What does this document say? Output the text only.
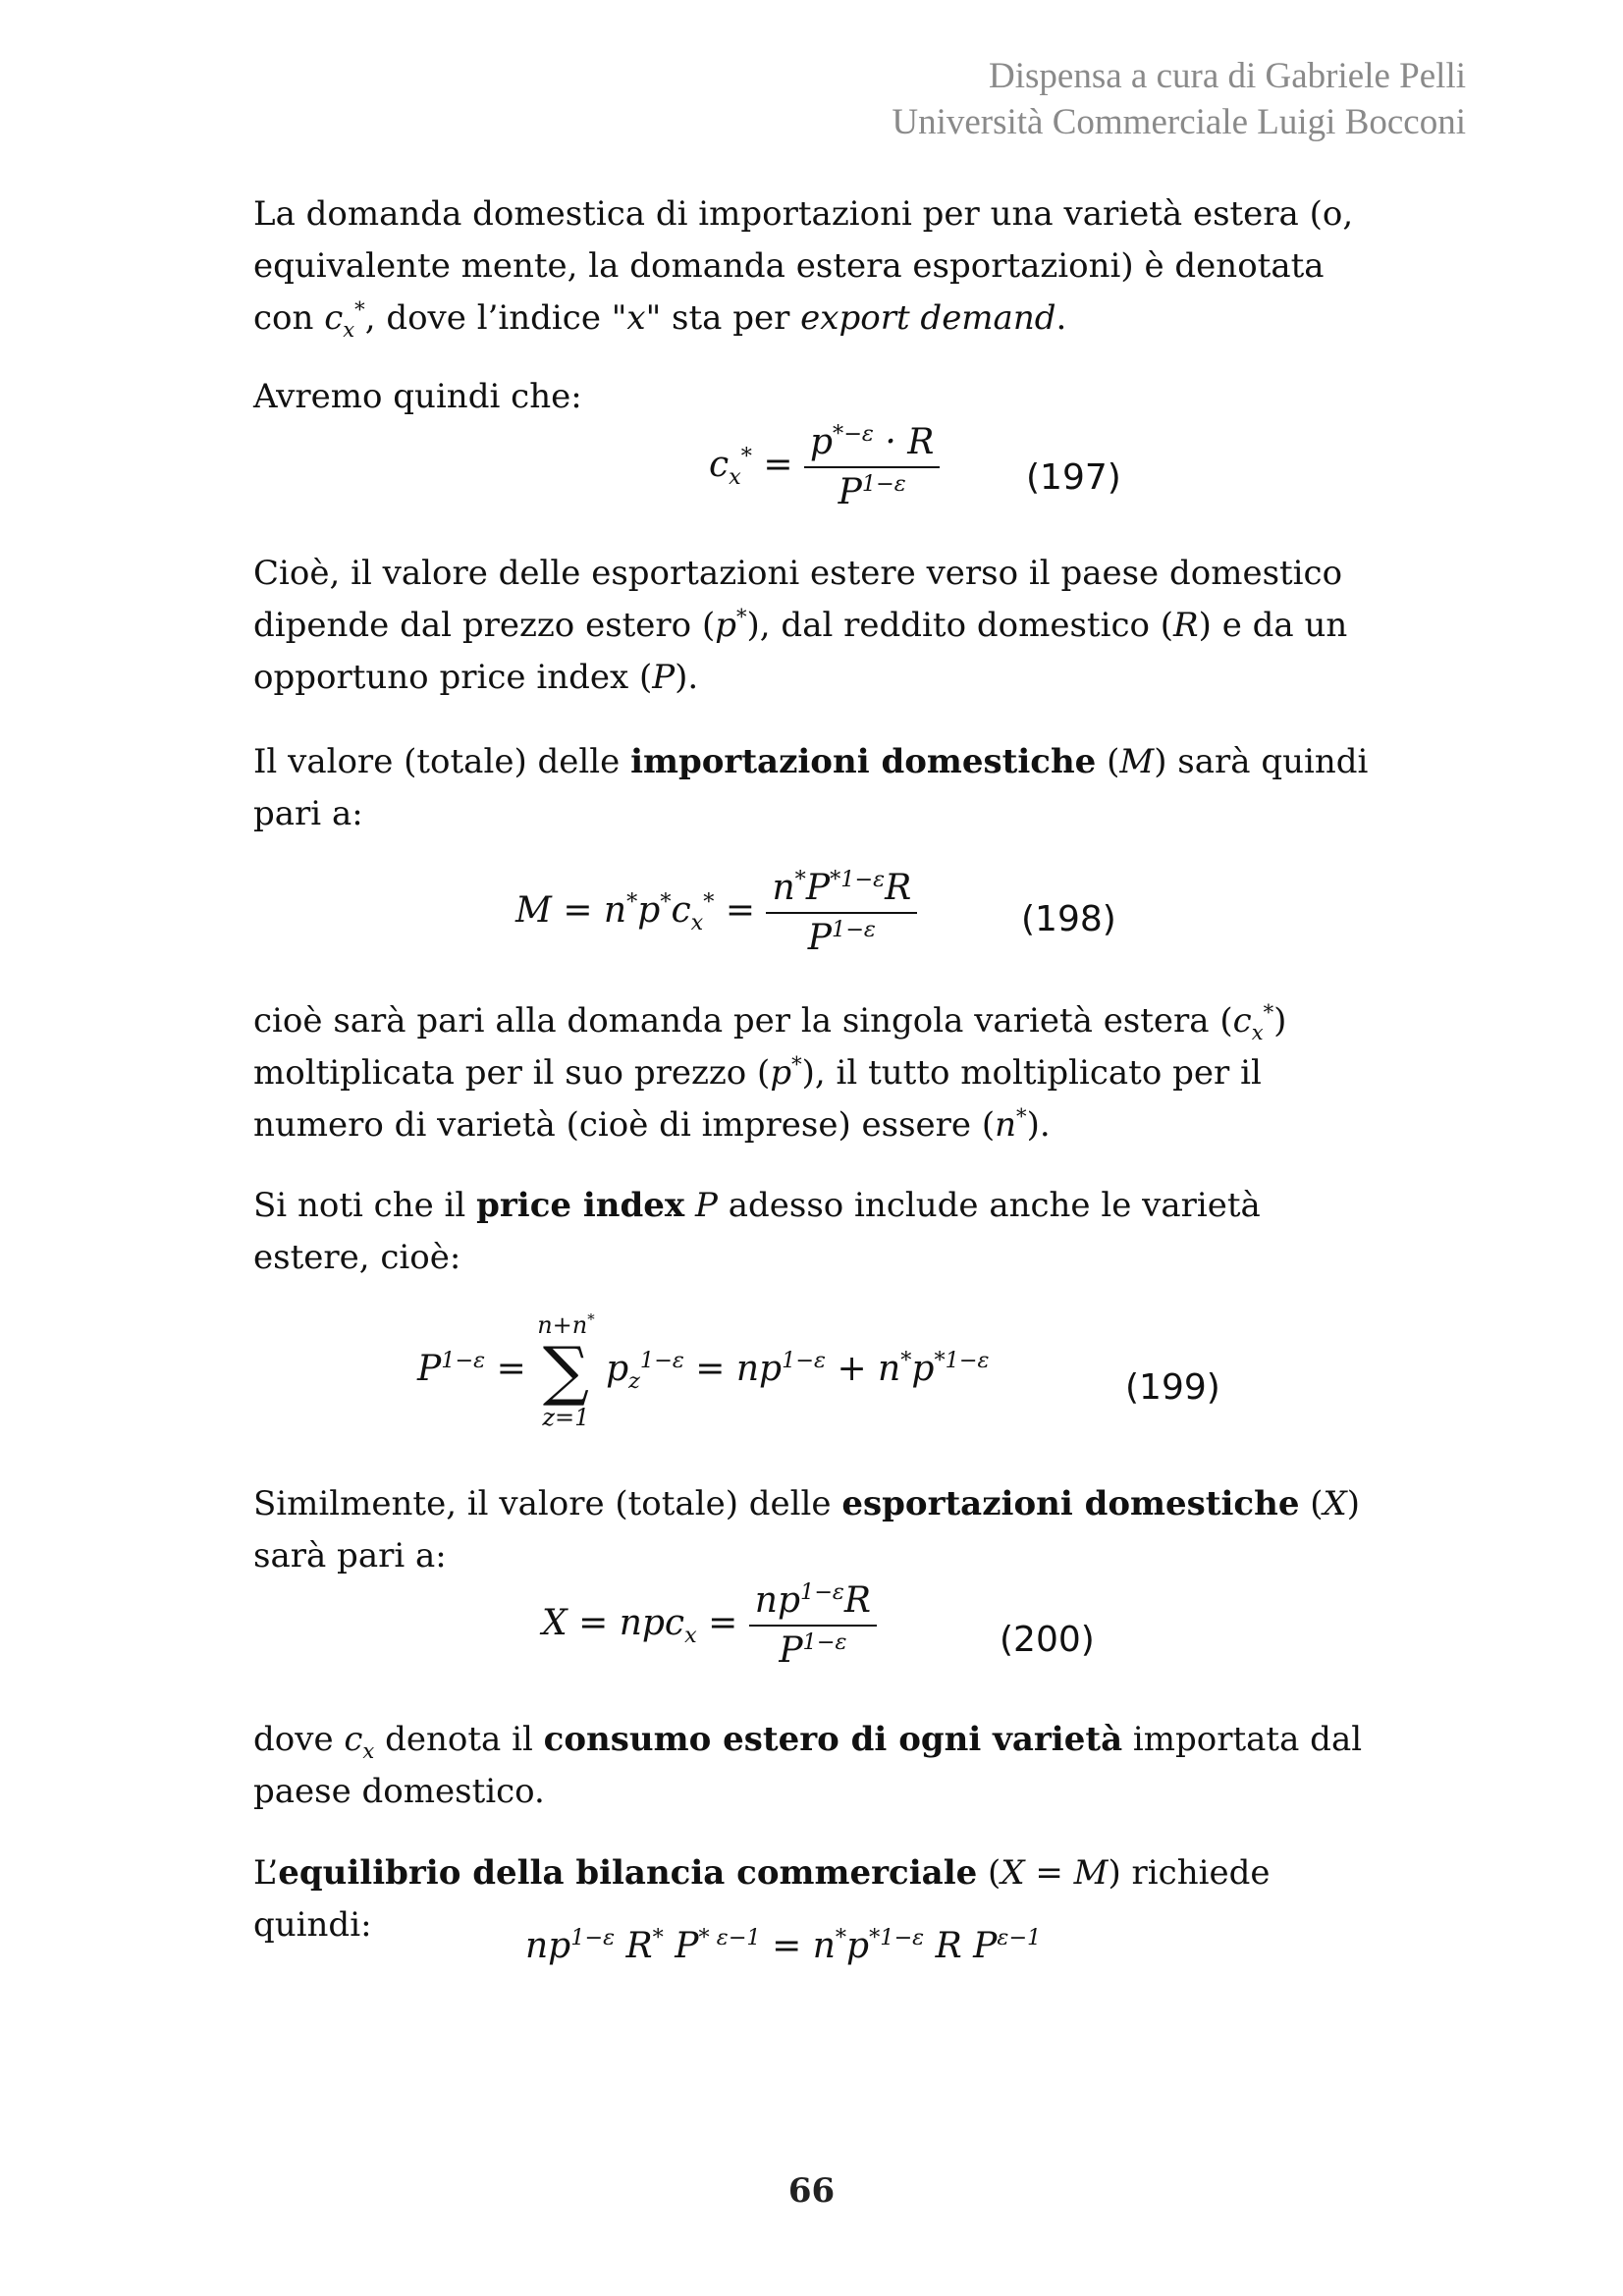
Dispensa a cura di Gabriele Pelli
Università Commerciale Luigi Bocconi

La domanda domestica di importazioni per una varietà estera (o, equivalente mente, la domanda estera esportazioni) è denotata con $c_x^*$, dove l’indice "x" sta per export demand.

Avremo quindi che:

$c_x^* = \frac{p^{*-\varepsilon} \cdot R}{P^{1-\varepsilon}} (197)$

Cioè, il valore delle esportazioni estere verso il paese domestico dipende dal prezzo estero (p*), dal reddito domestico (R) e da un opportuno price index (P).

Il valore (totale) delle importazioni domestiche (M) sarà quindi pari a:

$M = n^*p^*c_x^* = \frac{n^*P^{*1-\varepsilon}R}{P^{1-\varepsilon}}$	(198)

cioè sarà pari alla domanda per la singola varietà estera $(c_x^*)$ moltiplicata per il suo prezzo (p*), il tutto moltiplicato per il numero di varietà (cioè di imprese) essere (n*).

Si noti che il price index P adesso include anche le varietà estere, cioè:

$P^{1-\varepsilon}$ =
n+n*
∑
z=1
$p_z^{1-\varepsilon} = np^{1-\varepsilon} + n^*p^{*1-\varepsilon}$
(199)

Similmente, il valore (totale) delle esportazioni domestiche (X) sarà pari a:

$X = npc_x = \frac{np^{1-\varepsilon}R}{P^{1-\varepsilon}}$	(200)

dove $c_x$ denota il consumo estero di ogni varietà importata dal paese domestico.

L’equilibrio della bilancia commerciale (X = M) richiede quindi:

$np^{1-\varepsilon}$ R* $P^{* \varepsilon-1} = n^*p^{*1-\varepsilon}$ R $P^{\varepsilon-1}$
66
